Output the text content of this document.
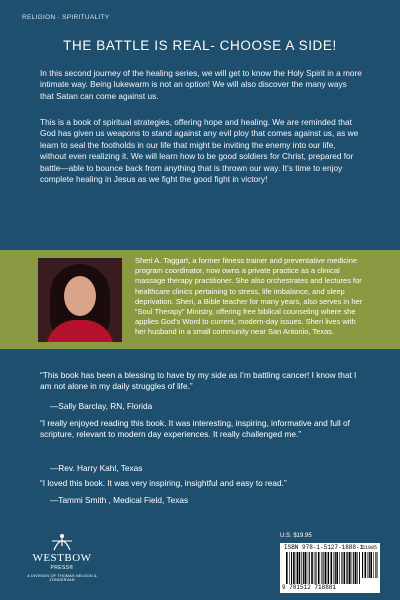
RELIGION · SPIRITUALITY
THE BATTLE IS REAL- CHOOSE A SIDE!
In this second journey of the healing series, we will get to know the Holy Spirit in a more intimate way. Being lukewarm is not an option! We will also discover the many ways that Satan can come against us.
This is a book of spiritual strategies, offering hope and healing. We are reminded that God has given us weapons to stand against any evil ploy that comes against us, as we learn to seal the footholds in our life that might be inviting the enemy into our life, without even realizing it. We will learn how to be good soldiers for Christ, prepared for battle—able to bounce back from anything that is thrown our way. It’s time to enjoy complete healing in Jesus as we fight the good fight in victory!
Sheri A. Taggart, a former fitness trainer and preventative medicine program coordinator, now owns a private practice as a clinical massage therapy practitioner. She also orchestrates and lectures for healthcare clinics pertaining to stress, life imbalance, and sleep deprivation. Sheri, a Bible teacher for many years, also serves in her “Soul Therapy” Ministry, offering free biblical counseling where she applies God’s Word to current, modern-day issues. Sheri lives with her husband in a small community near San Antonio, Texas.
“This book has been a blessing to have by my side as I’m battling cancer! I know that I am not alone in my daily struggles of life.”
—Sally Barclay, RN, Florida
“I really enjoyed reading this book. It was interesting, inspiring, informative and full of scripture, relevant to modern day experiences. It really challenged me.”
—Rev. Harry Kahl, Texas
“I loved this book. It was very inspiring, insightful and easy to read.”
—Tammi Smith , Medical Field, Texas
WESTBOW
PRESS®
A DIVISION OF THOMAS NELSON & ZONDERVAN
U.S. $19.95
ISBN 978-1-5127-1888-1
51995
9 781512 718881
